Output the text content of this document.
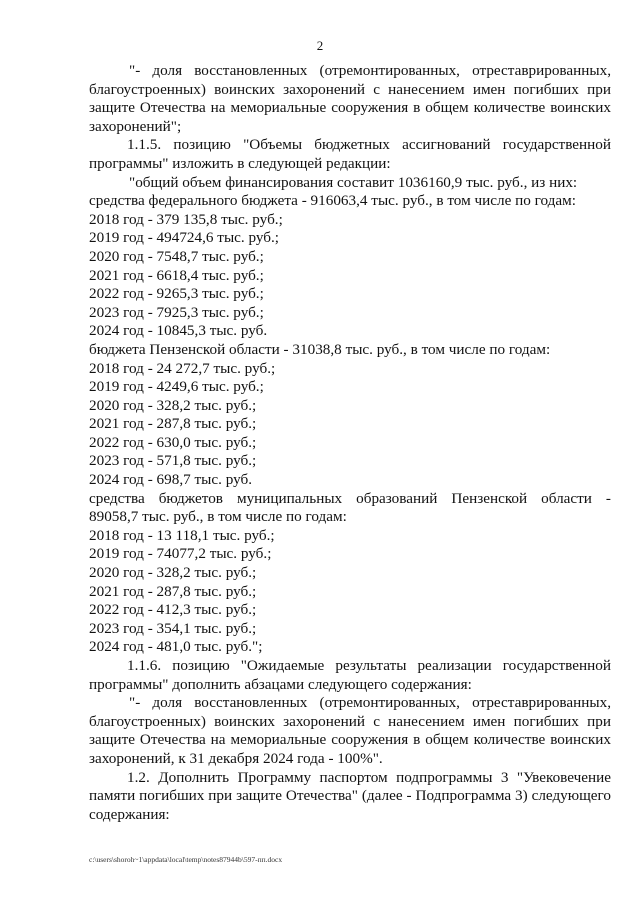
2
"- доля восстановленных (отремонтированных, отреставрированных,
благоустроенных) воинских захоронений с нанесением имен погибших при
защите Отечества на мемориальные сооружения в общем количестве воинских
захоронений";
1.1.5. позицию "Объемы бюджетных ассигнований государственной
программы" изложить в следующей редакции:
"общий объем финансирования составит 1036160,9 тыс. руб., из них:
средства федерального бюджета - 916063,4 тыс. руб., в том числе по годам:
2018 год - 379 135,8 тыс. руб.;
2019 год - 494724,6 тыс. руб.;
2020 год - 7548,7 тыс. руб.;
2021 год - 6618,4 тыс. руб.;
2022 год - 9265,3 тыс. руб.;
2023 год - 7925,3 тыс. руб.;
2024 год - 10845,3 тыс. руб.
бюджета Пензенской области - 31038,8 тыс. руб., в том числе по годам:
2018 год - 24 272,7 тыс. руб.;
2019 год - 4249,6 тыс. руб.;
2020 год - 328,2 тыс. руб.;
2021 год - 287,8 тыс. руб.;
2022 год - 630,0 тыс. руб.;
2023 год - 571,8 тыс. руб.;
2024 год - 698,7 тыс. руб.
средства бюджетов муниципальных образований Пензенской области -
89058,7 тыс. руб., в том числе по годам:
2018 год - 13 118,1 тыс. руб.;
2019 год - 74077,2 тыс. руб.;
2020 год - 328,2 тыс. руб.;
2021 год - 287,8 тыс. руб.;
2022 год - 412,3 тыс. руб.;
2023 год - 354,1 тыс. руб.;
2024 год - 481,0 тыс. руб.";
1.1.6. позицию "Ожидаемые результаты реализации государственной
программы" дополнить абзацами следующего содержания:
"- доля восстановленных (отремонтированных, отреставрированных,
благоустроенных) воинских захоронений с нанесением имен погибших при
защите Отечества на мемориальные сооружения в общем количестве воинских
захоронений, к 31 декабря 2024 года - 100%".
1.2. Дополнить Программу паспортом подпрограммы 3 "Увековечение
памяти погибших при защите Отечества" (далее - Подпрограмма 3) следующего
содержания:
c:\users\shoroh~1\appdata\local\temp\notes87944b\597-пп.docx
